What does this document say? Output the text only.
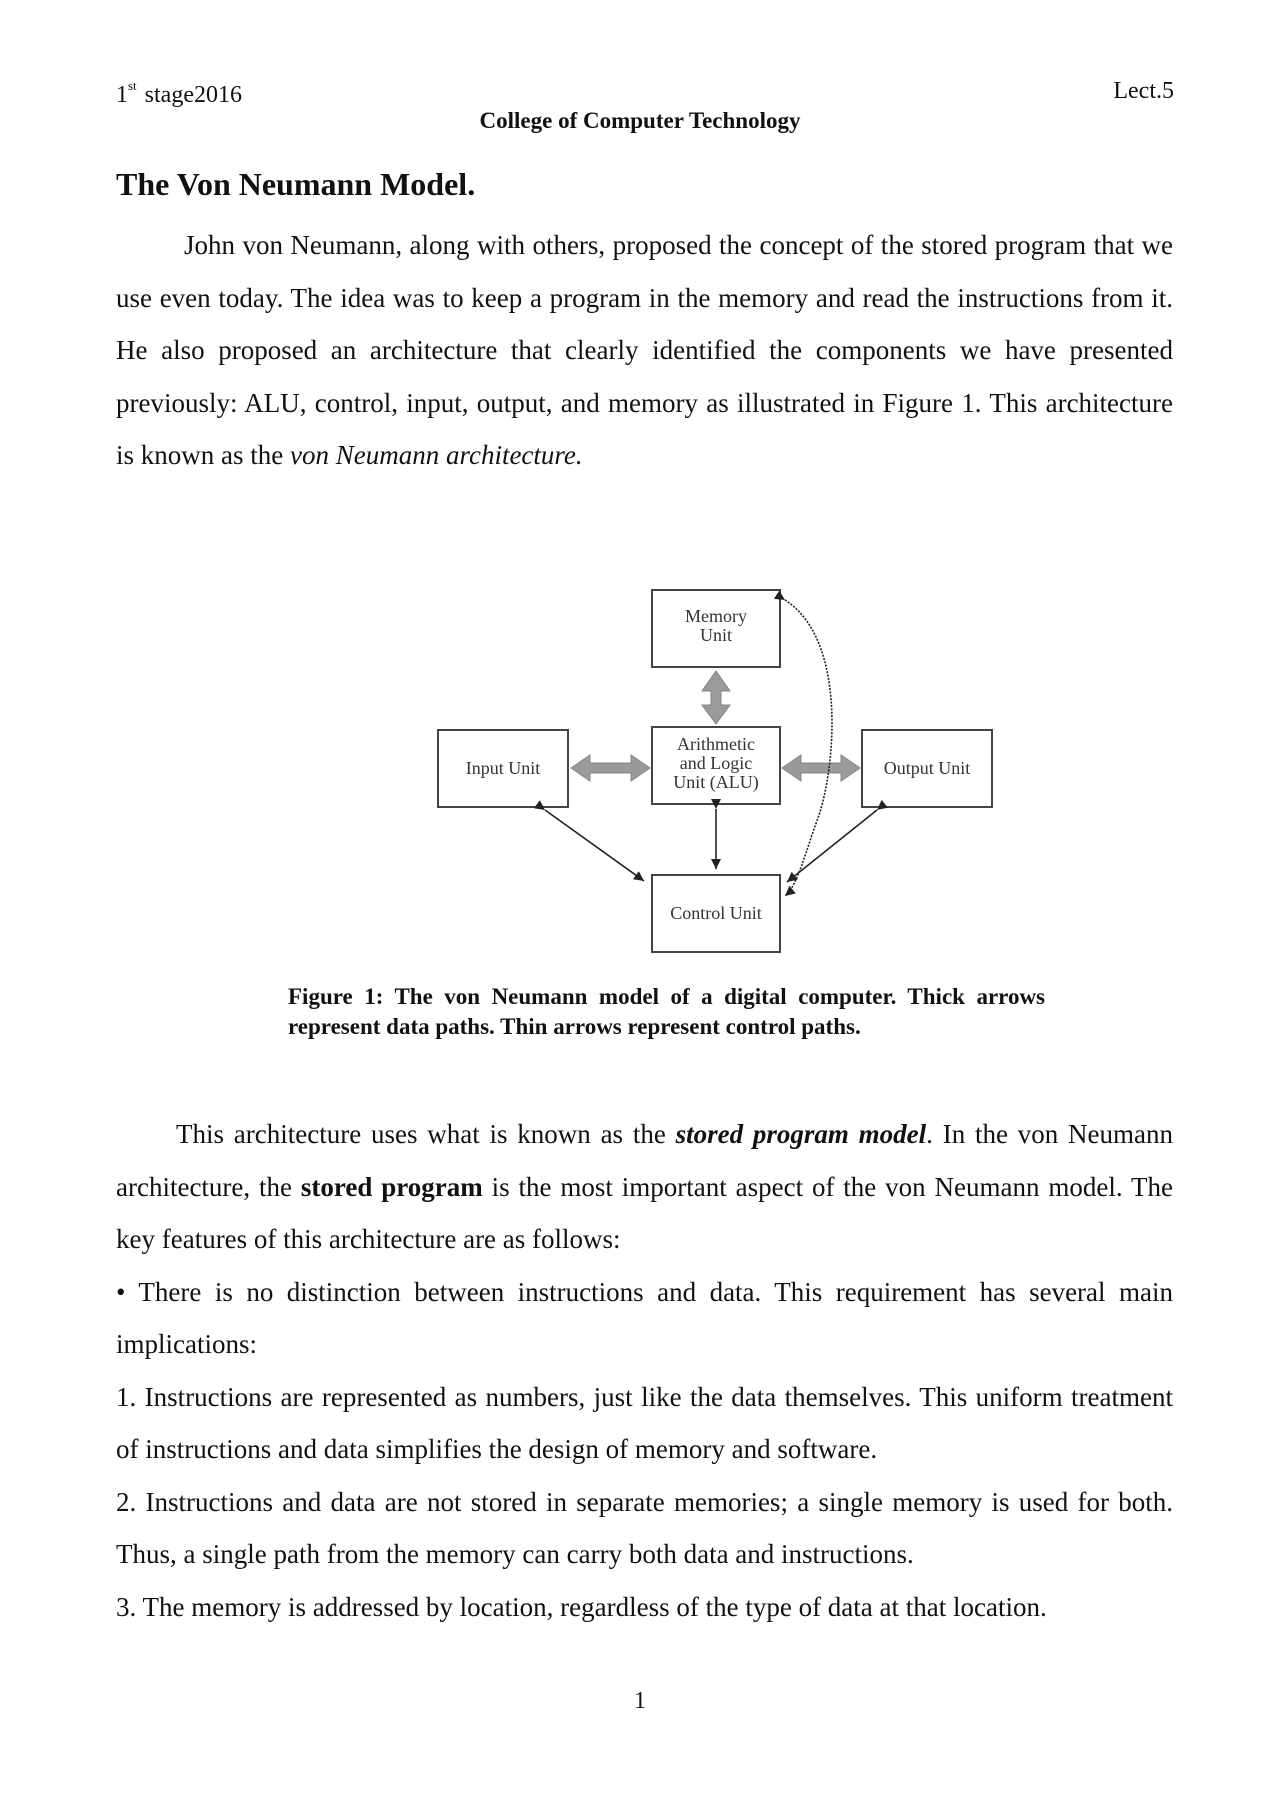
1st stage2016	Lect.5
College of Computer Technology
The Von Neumann Model.
John von Neumann, along with others, proposed the concept of the stored program that we use even today. The idea was to keep a program in the memory and read the instructions from it. He also proposed an architecture that clearly identified the components we have presented previously: ALU, control, input, output, and memory as illustrated in Figure 1. This architecture is known as the von Neumann architecture.
Memory
Unit
Arithmetic
and Logic
Unit (ALU)
Input Unit	Output Unit
Control Unit
Figure 1: The von Neumann model of a digital computer. Thick arrows represent data paths. Thin arrows represent control paths.
This architecture uses what is known as the stored program model. In the von Neumann architecture, the stored program is the most important aspect of the von Neumann model. The key features of this architecture are as follows:
• There is no distinction between instructions and data. This requirement has several main implications:
1. Instructions are represented as numbers, just like the data themselves. This uniform treatment of instructions and data simplifies the design of memory and software.
2. Instructions and data are not stored in separate memories; a single memory is used for both. Thus, a single path from the memory can carry both data and instructions.
3. The memory is addressed by location, regardless of the type of data at that location.
1
